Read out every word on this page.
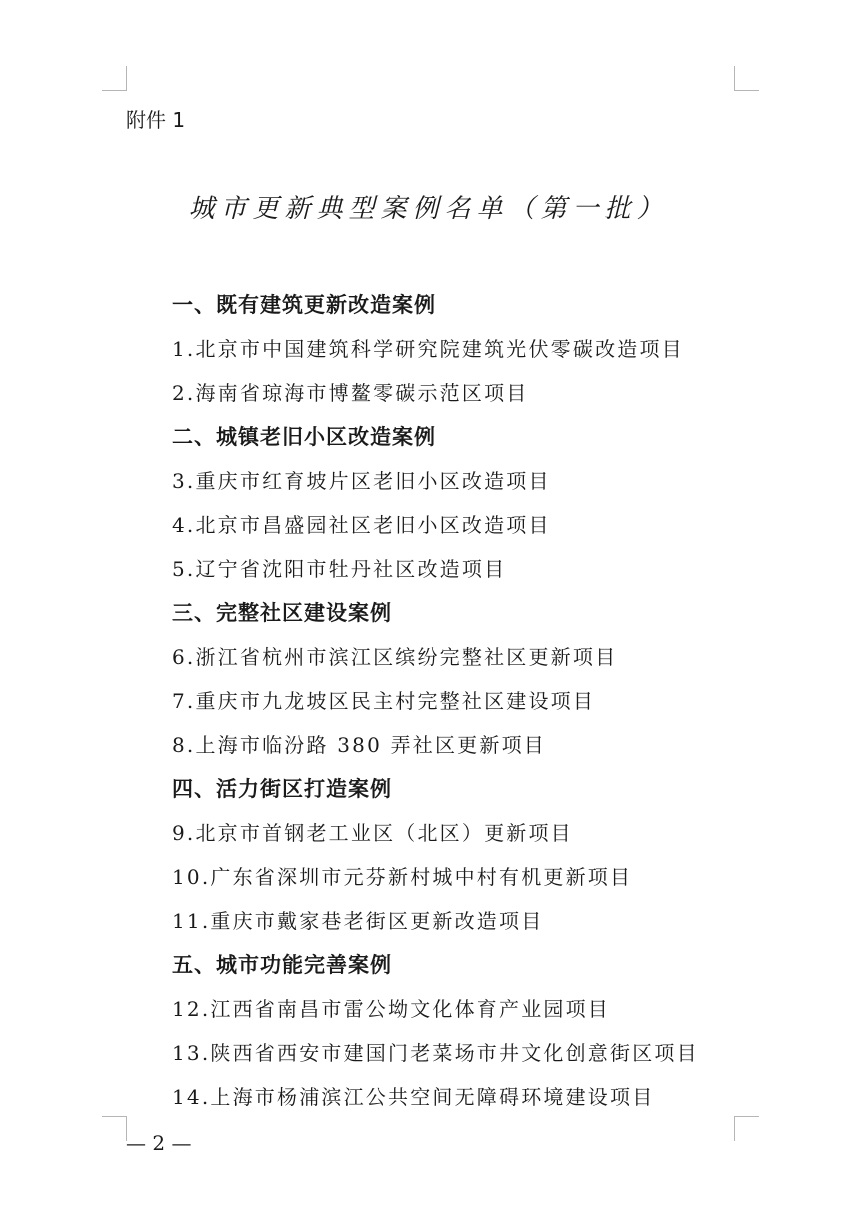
附件 1
城市更新典型案例名单（第一批）
一、既有建筑更新改造案例
1.北京市中国建筑科学研究院建筑光伏零碳改造项目
2.海南省琼海市博鳌零碳示范区项目
二、城镇老旧小区改造案例
3.重庆市红育坡片区老旧小区改造项目
4.北京市昌盛园社区老旧小区改造项目
5.辽宁省沈阳市牡丹社区改造项目
三、完整社区建设案例
6.浙江省杭州市滨江区缤纷完整社区更新项目
7.重庆市九龙坡区民主村完整社区建设项目
8.上海市临汾路 380 弄社区更新项目
四、活力街区打造案例
9.北京市首钢老工业区（北区）更新项目
10.广东省深圳市元芬新村城中村有机更新项目
11.重庆市戴家巷老街区更新改造项目
五、城市功能完善案例
12.江西省南昌市雷公坳文化体育产业园项目
13.陕西省西安市建国门老菜场市井文化创意街区项目
14.上海市杨浦滨江公共空间无障碍环境建设项目
— 2 —
